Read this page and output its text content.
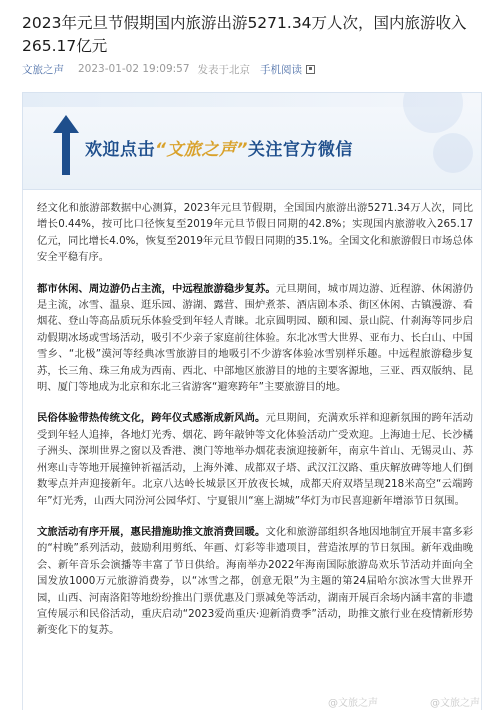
2023年元旦节假期国内旅游出游5271.34万人次，国内旅游收入265.17亿元
文旅之声 2023-01-02 19:09:57 发表于北京 手机阅读
欢迎点击“文旅之声”关注官方微信

经文化和旅游部数据中心测算，2023年元旦节假期，全国国内旅游出游5271.34万人次，同比增长0.44%，按可比口径恢复至2019年元旦节假日同期的42.8%；实现国内旅游收入265.17亿元，同比增长4.0%，恢复至2019年元旦节假日同期的35.1%。全国文化和旅游假日市场总体安全平稳有序。

都市休闲、周边游仍占主流，中远程旅游稳步复苏。元旦期间，城市周边游、近程游、休闲游仍是主流，冰雪、温泉、逛乐园、游湖、露营、围炉煮茶、酒店剧本杀、街区休闲、古镇漫游、看烟花、登山等高品质玩乐体验受到年轻人青睐。北京圆明园、颐和园、景山院、什刹海等同步启动假期冰场或雪场活动，吸引不少亲子家庭前往体验。东北冰雪大世界、亚布力、长白山、中国雪乡、“北极”漠河等经典冰雪旅游目的地吸引不少游客体验冰雪别样乐趣。中远程旅游稳步复苏，长三角、珠三角成为西南、西北、中部地区旅游目的地的主要客源地，三亚、西双版纳、昆明、厦门等地成为北京和东北三省游客“避寒跨年”主要旅游目的地。

民俗体验带热传统文化，跨年仪式感渐成新风尚。元旦期间，充满欢乐祥和迎新氛围的跨年活动受到年轻人追捧，各地灯光秀、烟花、跨年敲钟等文化体验活动广受欢迎。上海迪士尼、长沙橘子洲头、深圳世界之窗以及香港、澳门等地举办烟花表演迎接新年，南京牛首山、无锡灵山、苏州寒山寺等地开展撞钟祈福活动，上海外滩、成都双子塔、武汉江汉路、重庆解放碑等地人们倒数零点并声迎接新年。北京八达岭长城景区开放夜长城，成都天府双塔呈现218米高空“云端跨年”灯光秀，山西大同汾河公园华灯、宁夏银川“塞上湖城”华灯为市民喜迎新年增添节日氛围。

文旅活动有序开展，惠民措施助推文旅消费回暖。文化和旅游部组织各地因地制宜开展丰富多彩的“村晚”系列活动，鼓励利用剪纸、年画、灯彩等非遗项目，营造浓厚的节日氛围。新年戏曲晚会、新年音乐会演播等丰富了节日供给。海南举办2022年海南国际旅游岛欢乐节活动并面向全国发放1000万元旅游消费券，以“冰雪之都，创意无限”为主题的第24届哈尔滨冰雪大世界开园，山西、河南洛阳等地纷纷推出门票优惠及门票减免等活动，湖南开展百余场内涵丰富的非遗宣传展示和民俗活动，重庆启动“2023爱尚重庆·迎新消费季”活动，助推文旅行业在疫情新形势新变化下的复苏。

@文旅之声	@文旅之声
